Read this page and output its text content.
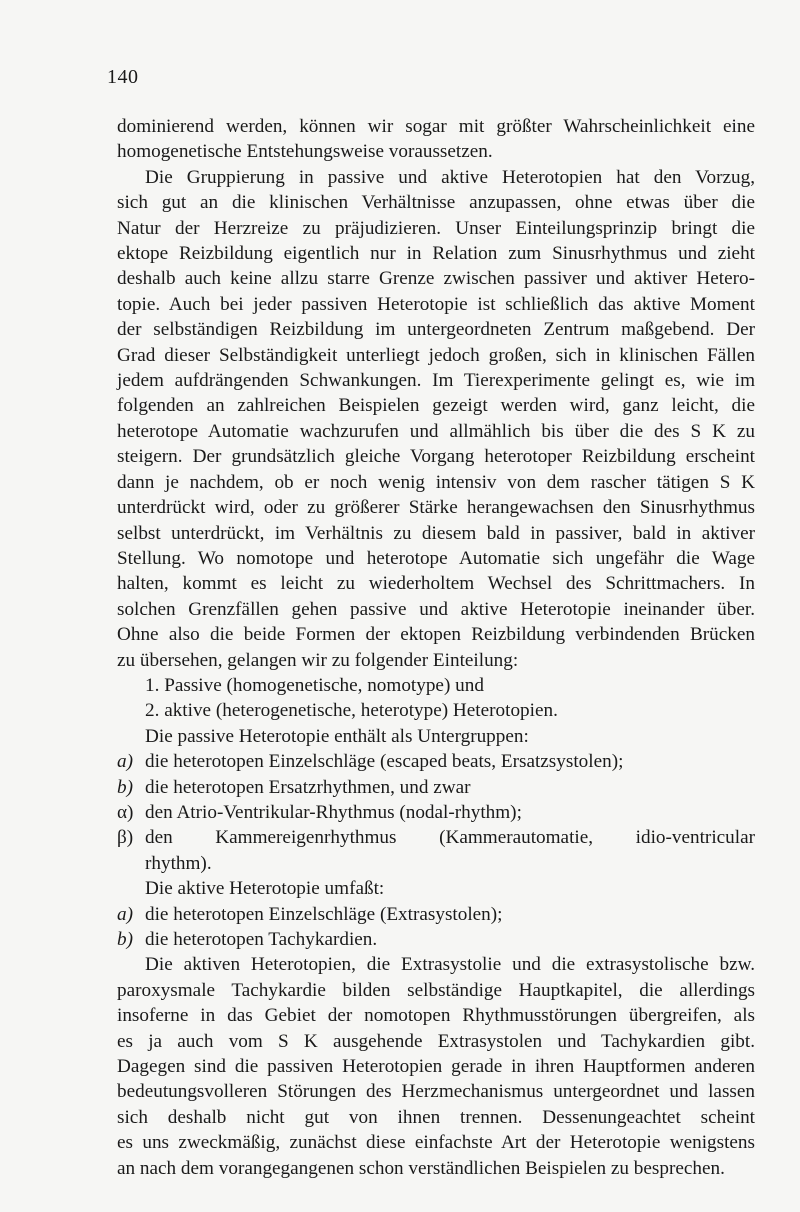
140
dominierend werden, können wir sogar mit größter Wahrscheinlichkeit eine
homogenetische Entstehungsweise voraussetzen.
Die Gruppierung in passive und aktive Heterotopien hat den Vorzug,
sich gut an die klinischen Verhältnisse anzupassen, ohne etwas über die
Natur der Herzreize zu präjudizieren. Unser Einteilungsprinzip bringt die
ektope Reizbildung eigentlich nur in Relation zum Sinusrhythmus und zieht
deshalb auch keine allzu starre Grenze zwischen passiver und aktiver Hetero-
topie. Auch bei jeder passiven Heterotopie ist schließlich das aktive Moment
der selbständigen Reizbildung im untergeordneten Zentrum maßgebend. Der
Grad dieser Selbständigkeit unterliegt jedoch großen, sich in klinischen Fällen
jedem aufdrängenden Schwankungen. Im Tierexperimente gelingt es, wie im
folgenden an zahlreichen Beispielen gezeigt werden wird, ganz leicht, die
heterotope Automatie wachzurufen und allmählich bis über die des S K zu
steigern. Der grundsätzlich gleiche Vorgang heterotoper Reizbildung erscheint
dann je nachdem, ob er noch wenig intensiv von dem rascher tätigen S K
unterdrückt wird, oder zu größerer Stärke herangewachsen den Sinusrhythmus
selbst unterdrückt, im Verhältnis zu diesem bald in passiver, bald in aktiver
Stellung. Wo nomotope und heterotope Automatie sich ungefähr die Wage
halten, kommt es leicht zu wiederholtem Wechsel des Schrittmachers. In
solchen Grenzfällen gehen passive und aktive Heterotopie ineinander über.
Ohne also die beide Formen der ektopen Reizbildung verbindenden Brücken
zu übersehen, gelangen wir zu folgender Einteilung:
1. Passive (homogenetische, nomotype) und
2. aktive (heterogenetische, heterotype) Heterotopien.
Die passive Heterotopie enthält als Untergruppen:
a) die heterotopen Einzelschläge (escaped beats, Ersatzsystolen);
b) die heterotopen Ersatzrhythmen, und zwar
α) den Atrio-Ventrikular-Rhythmus (nodal-rhythm);
β) den Kammereigenrhythmus (Kammerautomatie, idio-ventricular
rhythm).
Die aktive Heterotopie umfaßt:
a) die heterotopen Einzelschläge (Extrasystolen);
b) die heterotopen Tachykardien.
Die aktiven Heterotopien, die Extrasystolie und die extrasystolische bzw.
paroxysmale Tachykardie bilden selbständige Hauptkapitel, die allerdings
insoferne in das Gebiet der nomotopen Rhythmusstörungen übergreifen, als
es ja auch vom S K ausgehende Extrasystolen und Tachykardien gibt.
Dagegen sind die passiven Heterotopien gerade in ihren Hauptformen anderen
bedeutungsvolleren Störungen des Herzmechanismus untergeordnet und lassen
sich deshalb nicht gut von ihnen trennen. Dessenungeachtet scheint
es uns zweckmäßig, zunächst diese einfachste Art der Heterotopie wenigstens
an nach dem vorangegangenen schon verständlichen Beispielen zu besprechen.
